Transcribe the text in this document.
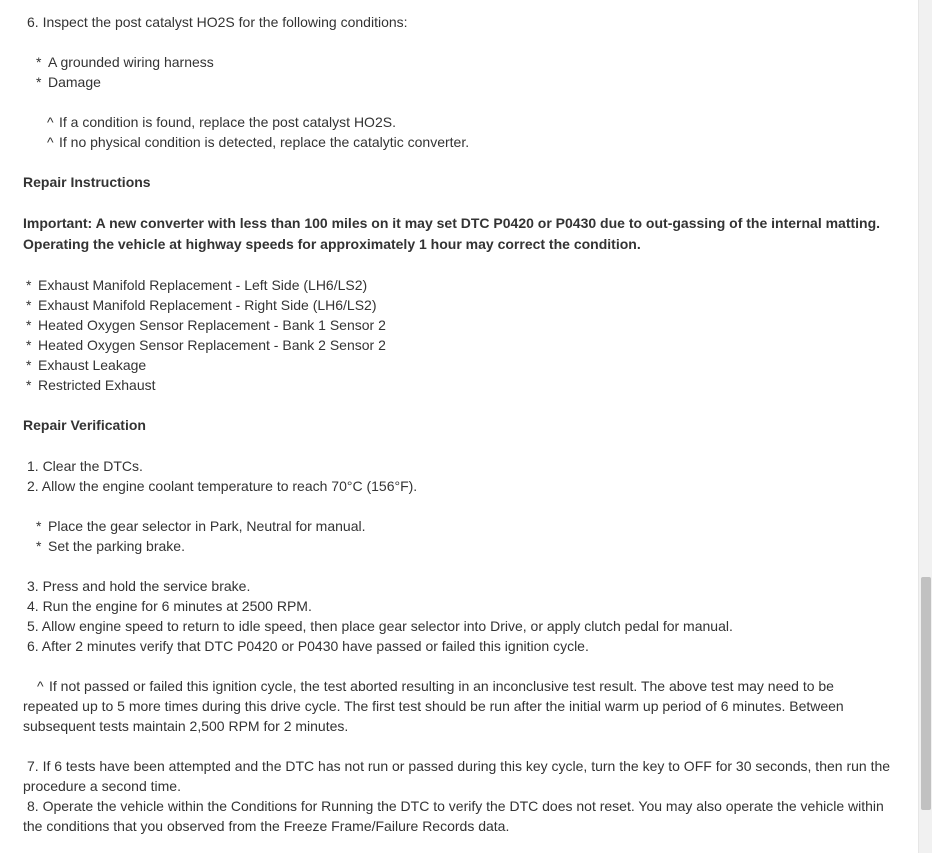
6. Inspect the post catalyst HO2S for the following conditions:
* A grounded wiring harness
* Damage
^ If a condition is found, replace the post catalyst HO2S.
^ If no physical condition is detected, replace the catalytic converter.
Repair Instructions
Important: A new converter with less than 100 miles on it may set DTC P0420 or P0430 due to out-gassing of the internal matting.
Operating the vehicle at highway speeds for approximately 1 hour may correct the condition.
* Exhaust Manifold Replacement - Left Side (LH6/LS2)
* Exhaust Manifold Replacement - Right Side (LH6/LS2)
* Heated Oxygen Sensor Replacement - Bank 1 Sensor 2
* Heated Oxygen Sensor Replacement - Bank 2 Sensor 2
* Exhaust Leakage
* Restricted Exhaust
Repair Verification
1. Clear the DTCs.
2. Allow the engine coolant temperature to reach 70°C (156°F).
* Place the gear selector in Park, Neutral for manual.
* Set the parking brake.
3. Press and hold the service brake.
4. Run the engine for 6 minutes at 2500 RPM.
5. Allow engine speed to return to idle speed, then place gear selector into Drive, or apply clutch pedal for manual.
6. After 2 minutes verify that DTC P0420 or P0430 have passed or failed this ignition cycle.
^ If not passed or failed this ignition cycle, the test aborted resulting in an inconclusive test result. The above test may need to be
repeated up to 5 more times during this drive cycle. The first test should be run after the initial warm up period of 6 minutes. Between
subsequent tests maintain 2,500 RPM for 2 minutes.
7. If 6 tests have been attempted and the DTC has not run or passed during this key cycle, turn the key to OFF for 30 seconds, then run the
procedure a second time.
8. Operate the vehicle within the Conditions for Running the DTC to verify the DTC does not reset. You may also operate the vehicle within
the conditions that you observed from the Freeze Frame/Failure Records data.
